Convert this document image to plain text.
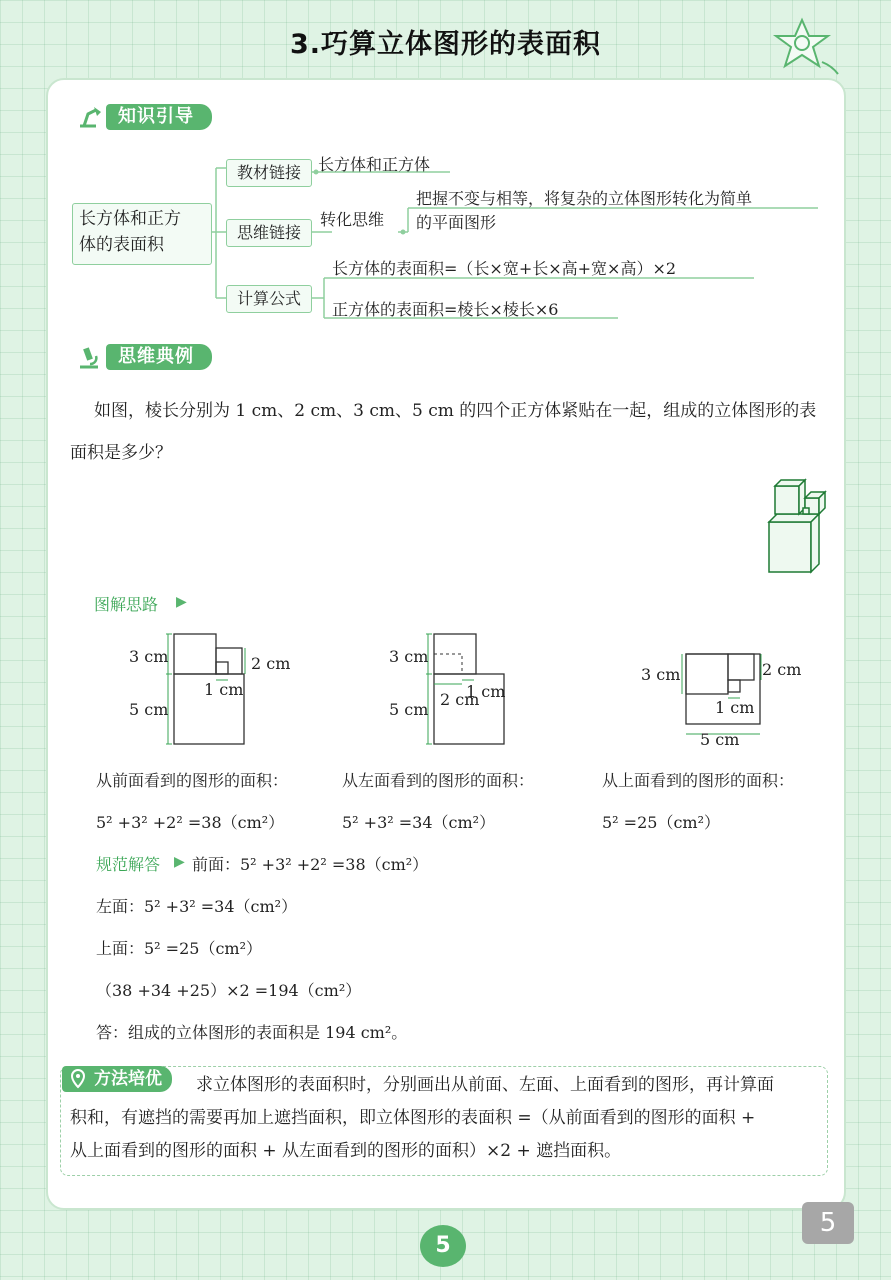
3.巧算立体图形的表面积
知识引导
长方体和正方
体的表面积
教材链接	长方体和正方体
思维链接
转化思维
把握不变与相等，将复杂的立体图形转化为简单
的平面图形
计算公式
长方体的表面积=（长×宽+长×高+宽×高）×2
正方体的表面积=棱长×棱长×6
思维典例
如图，棱长分别为 1 cm、2 cm、3 cm、5 cm 的四个正方体紧贴在一起，组成的立体图形的表
面积是多少？
图解思路 ▶
3 cm	2 cm
1 cm
5 cm
3 cm
2 cm
1 cm
5 cm
3 cm	2 cm
1 cm
5 cm
从前面看到的图形的面积：	从左面看到的图形的面积：	从上面看到的图形的面积：
5² +3² +2² =38（cm²）	5² +3² =34（cm²）	5² =25（cm²）
规范解答 ▶ 前面：5² +3² +2² =38（cm²）
左面：5² +3² =34（cm²）
上面：5² =25（cm²）
（38 +34 +25）×2 =194（cm²）
答：组成的立体图形的表面积是 194 cm²。
方法培优	求立体图形的表面积时，分别画出从前面、左面、上面看到的图形，再计算面
积和，有遮挡的需要再加上遮挡面积，即立体图形的表面积 =（从前面看到的图形的面积 +
从上面看到的图形的面积 + 从左面看到的图形的面积）×2 + 遮挡面积。
5
5
